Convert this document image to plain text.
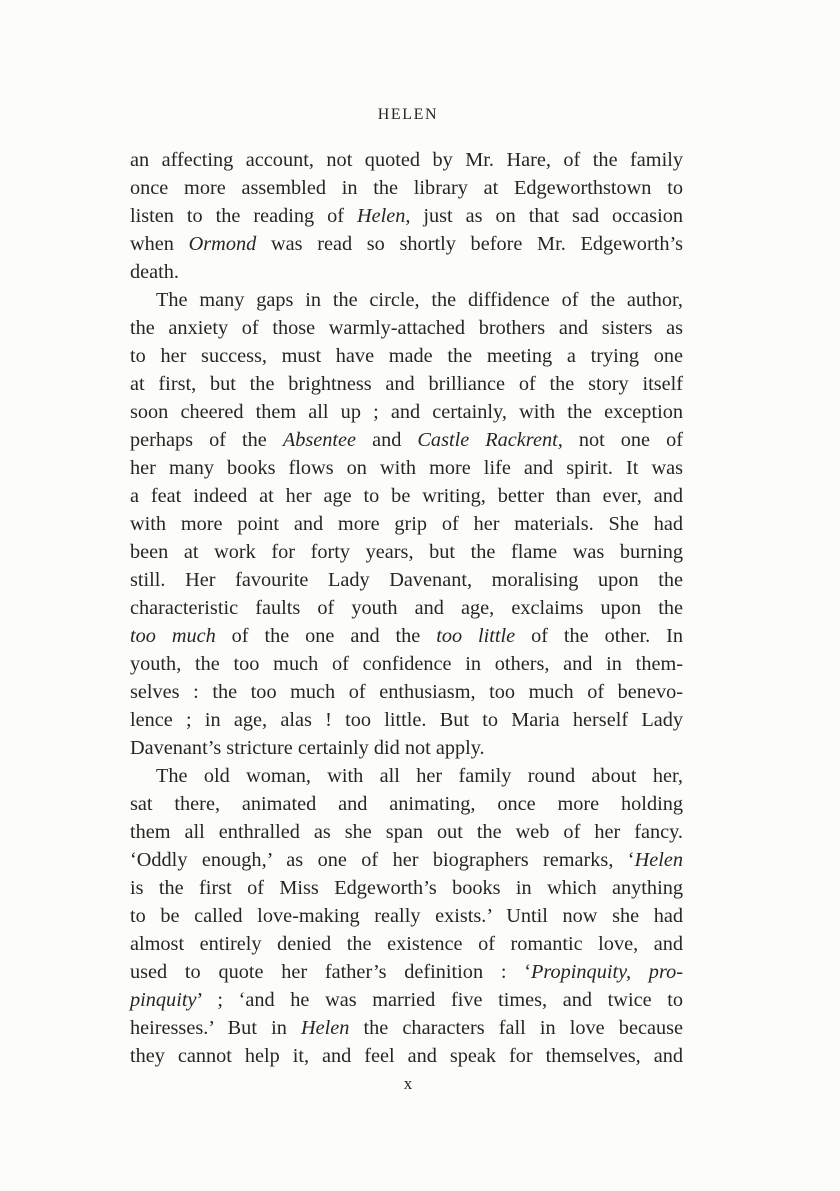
HELEN
an affecting account, not quoted by Mr. Hare, of the family
once more assembled in the library at Edgeworthstown to
listen to the reading of Helen, just as on that sad occasion
when Ormond was read so shortly before Mr. Edgeworth’s
death.
The many gaps in the circle, the diffidence of the author,
the anxiety of those warmly-attached brothers and sisters as
to her success, must have made the meeting a trying one
at first, but the brightness and brilliance of the story itself
soon cheered them all up ; and certainly, with the exception
perhaps of the Absentee and Castle Rackrent, not one of
her many books flows on with more life and spirit. It was
a feat indeed at her age to be writing, better than ever, and
with more point and more grip of her materials. She had
been at work for forty years, but the flame was burning
still. Her favourite Lady Davenant, moralising upon the
characteristic faults of youth and age, exclaims upon the
too much of the one and the too little of the other. In
youth, the too much of confidence in others, and in them-
selves : the too much of enthusiasm, too much of benevo-
lence ; in age, alas ! too little. But to Maria herself Lady
Davenant’s stricture certainly did not apply.
The old woman, with all her family round about her,
sat there, animated and animating, once more holding
them all enthralled as she span out the web of her fancy.
‘Oddly enough,’ as one of her biographers remarks, ‘Helen
is the first of Miss Edgeworth’s books in which anything
to be called love-making really exists.’ Until now she had
almost entirely denied the existence of romantic love, and
used to quote her father’s definition : ‘Propinquity, pro-
pinquity’ ; ‘and he was married five times, and twice to
heiresses.’ But in Helen the characters fall in love because
they cannot help it, and feel and speak for themselves, and
x
